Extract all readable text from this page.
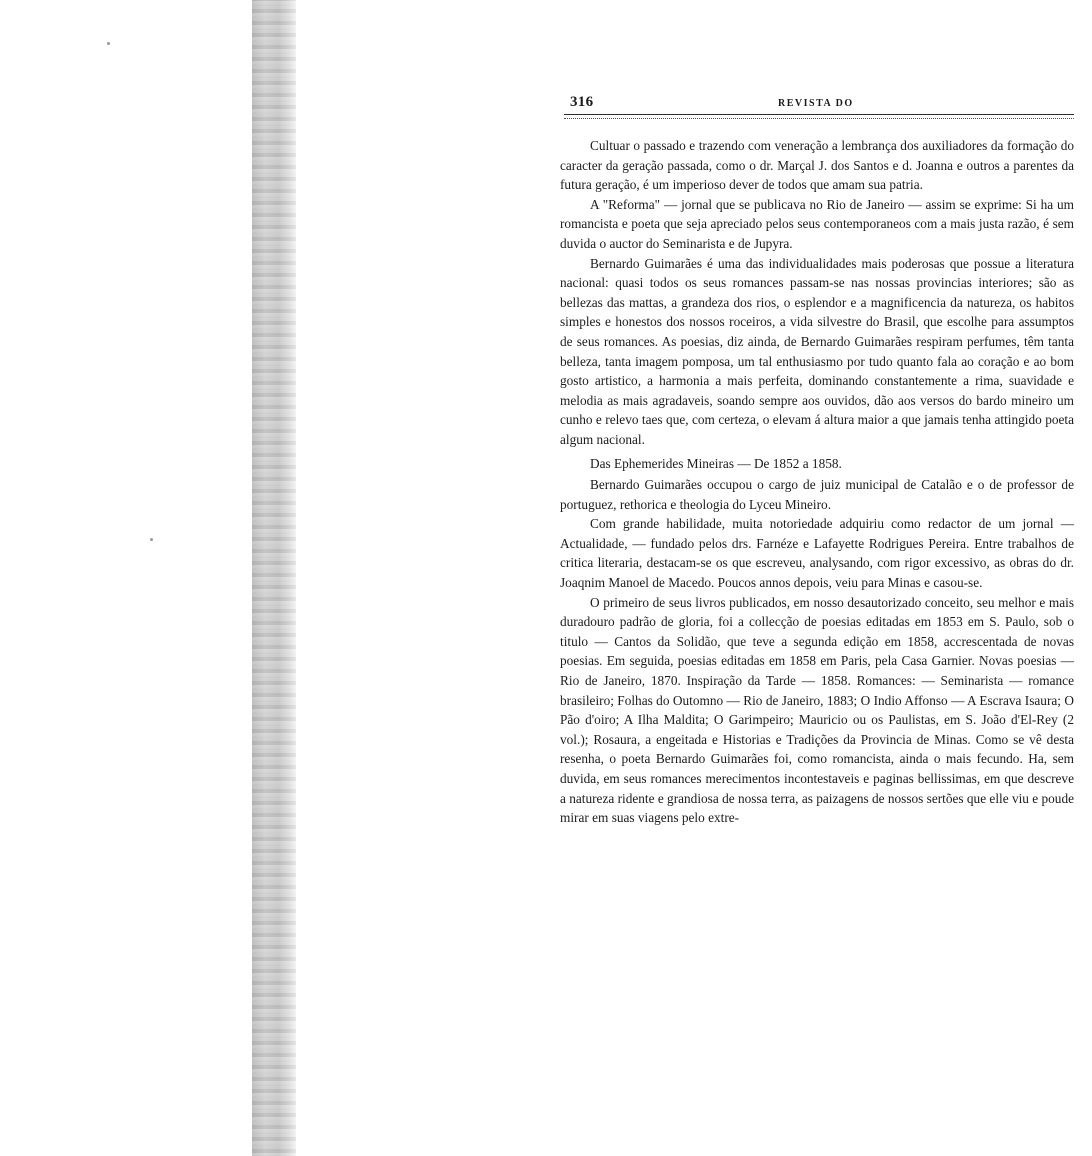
316	REVISTA DO

Cultuar o passado e trazendo com veneração a lembrança dos auxiliadores da formação do caracter da geração passada, como o dr. Marçal J. dos Santos e d. Joanna e outros a parentes da futura geração, é um imperioso dever de todos que amam sua patria.

A "Reforma" — jornal que se publicava no Rio de Janeiro — assim se exprime: Si ha um romancista e poeta que seja apreciado pelos seus contemporaneos com a mais justa razão, é sem duvida o auctor do Seminarista e de Jupyra.

Bernardo Guimarães é uma das individualidades mais poderosas que possue a literatura nacional: quasi todos os seus romances passam-se nas nossas provincias interiores; são as bellezas das mattas, a grandeza dos rios, o esplendor e a magnificencia da natureza, os habitos simples e honestos dos nossos roceiros, a vida silvestre do Brasil, que escolhe para assumptos de seus romances. As poesias, diz ainda, de Bernardo Guimarães respiram perfumes, têm tanta belleza, tanta imagem pomposa, um tal enthusiasmo por tudo quanto fala ao coração e ao bom gosto artistico, a harmonia a mais perfeita, dominando constantemente a rima, suavidade e melodia as mais agradaveis, soando sempre aos ouvidos, dão aos versos do bardo mineiro um cunho e relevo taes que, com certeza, o elevam á altura maior a que jamais tenha attingido poeta algum nacional.

Das Ephemerides Mineiras — De 1852 a 1858.

Bernardo Guimarães occupou o cargo de juiz municipal de Catalão e o de professor de portuguez, rethorica e theologia do Lyceu Mineiro.

Com grande habilidade, muita notoriedade adquiriu como redactor de um jornal — Actualidade, — fundado pelos drs. Farnéze e Lafayette Rodrigues Pereira. Entre trabalhos de critica literaria, destacam-se os que escreveu, analysando, com rigor excessivo, as obras do dr. Joaqnim Manoel de Macedo. Poucos annos depois, veiu para Minas e casou-se.

O primeiro de seus livros publicados, em nosso desautorizado conceito, seu melhor e mais duradouro padrão de gloria, foi a collecção de poesias editadas em 1853 em S. Paulo, sob o titulo — Cantos da Solidão, que teve a segunda edição em 1858, accrescentada de novas poesias. Em seguida, poesias editadas em 1858 em Paris, pela Casa Garnier. Novas poesias — Rio de Janeiro, 1870. Inspiração da Tarde — 1858. Romances: — Seminarista — romance brasileiro; Folhas do Outomno — Rio de Janeiro, 1883; O Indio Affonso — A Escrava Isaura; O Pão d'oiro; A Ilha Maldita; O Garimpeiro; Mauricio ou os Paulistas, em S. João d'El-Rey (2 vol.); Rosaura, a engeitada e Historias e Tradições da Provincia de Minas. Como se vê desta resenha, o poeta Bernardo Guimarães foi, como romancista, ainda o mais fecundo. Ha, sem duvida, em seus romances merecimentos incontestaveis e paginas bellissimas, em que descreve a natureza ridente e grandiosa de nossa terra, as paizagens de nossos sertões que elle viu e poude mirar em suas viagens pelo extre-
